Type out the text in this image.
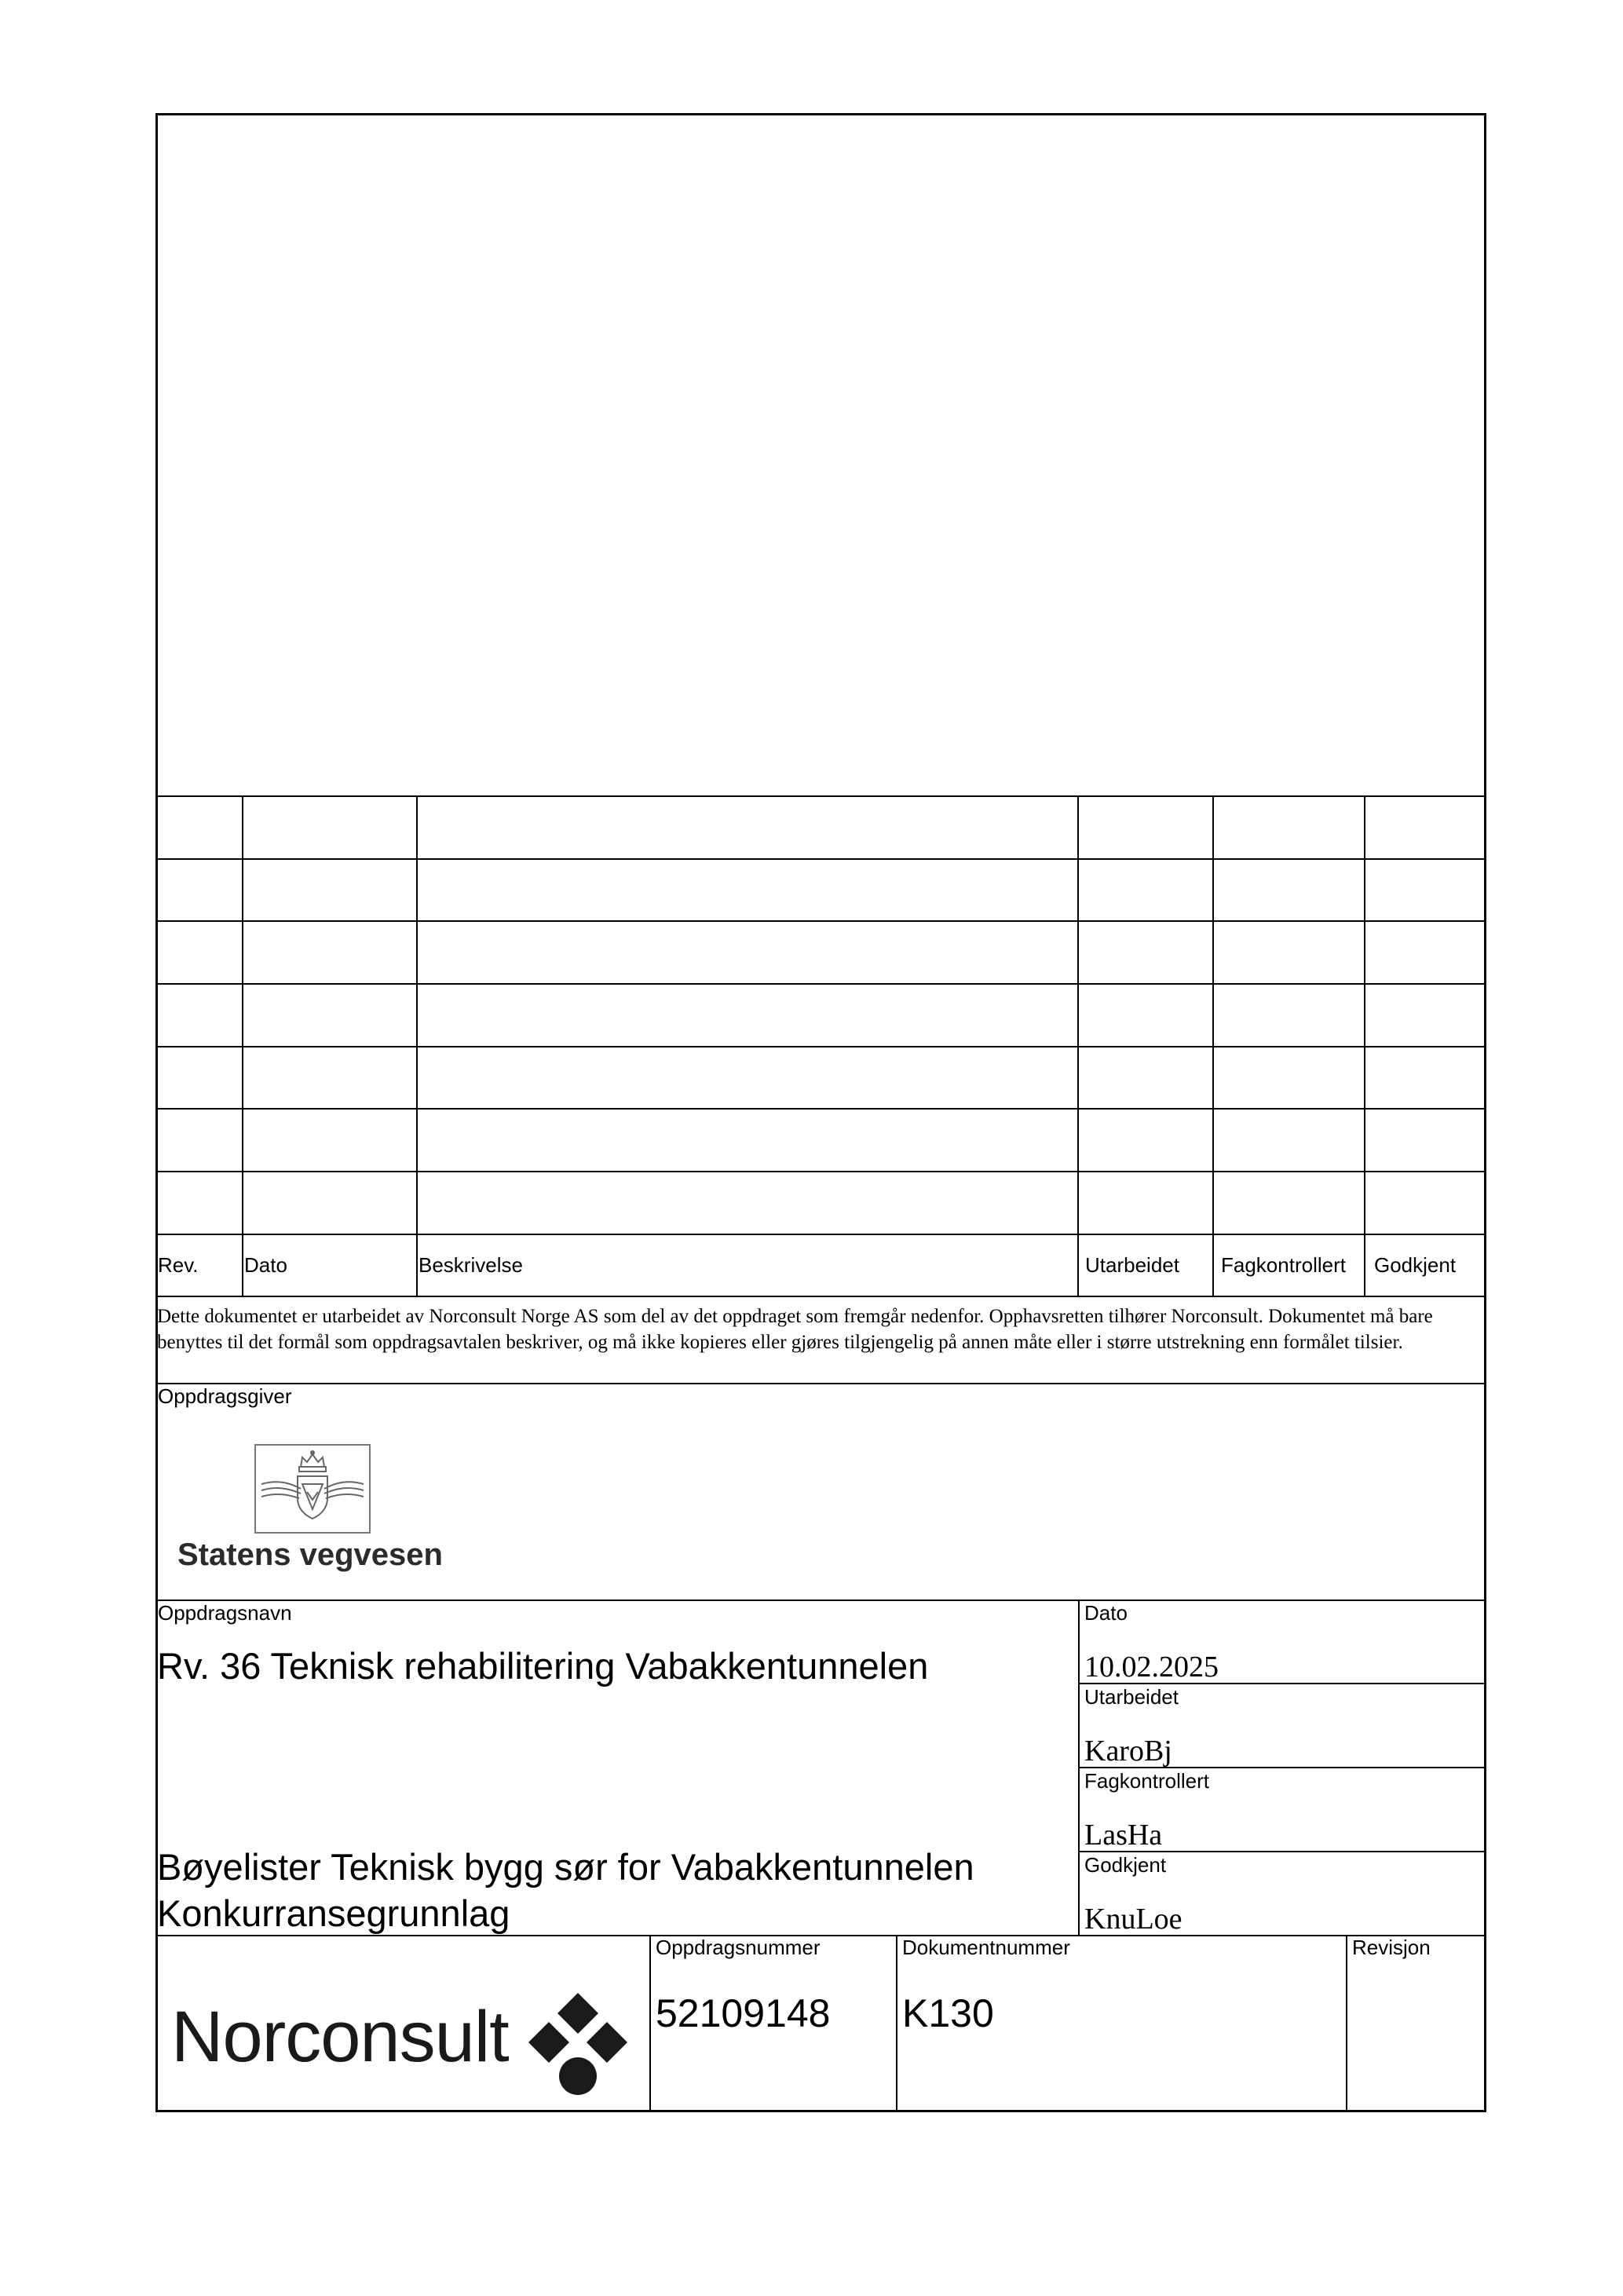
Rev. Dato	Beskrivelse	Utarbeidet Fagkontrollert Godkjent
Dette dokumentet er utarbeidet av Norconsult Norge AS som del av det oppdraget som fremgår nedenfor. Opphavsretten tilhører Norconsult. Dokumentet må bare benyttes til det formål som oppdragsavtalen beskriver, og må ikke kopieres eller gjøres tilgjengelig på annen måte eller i større utstrekning enn formålet tilsier.
Oppdragsgiver
Statens vegvesen
Oppdragsnavn
Rv. 36 Teknisk rehabilitering Vabakkentunnelen
Bøyelister Teknisk bygg sør for Vabakkentunnelen
Konkurransegrunnlag
Dato
10.02.2025
Utarbeidet
KaroBj
Fagkontrollert
LasHa
Godkjent
KnuLoe
Norconsult
Oppdragsnummer
52109148
Dokumentnummer
K130
Revisjon
